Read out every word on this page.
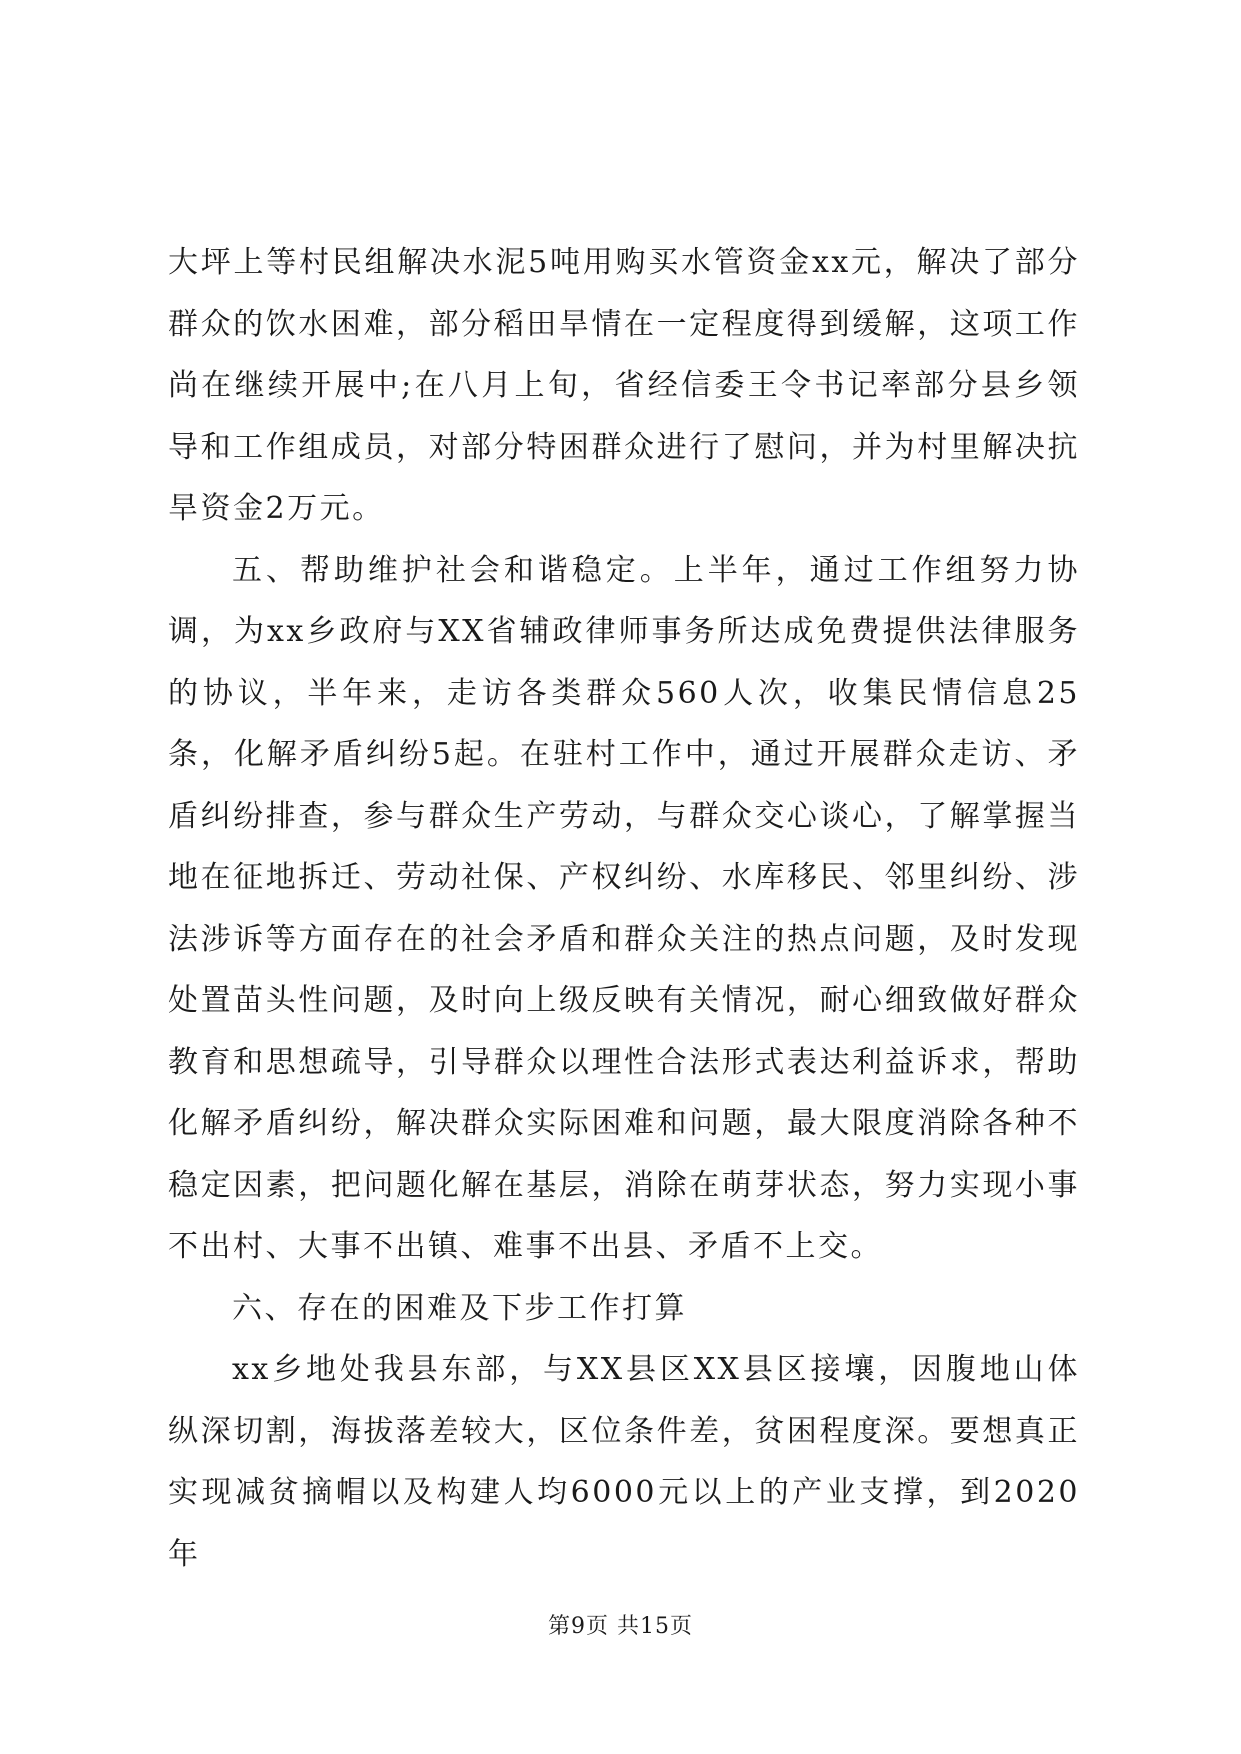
大坪上等村民组解决水泥5吨用购买水管资金xx元，解决了部分群众的饮水困难，部分稻田旱情在一定程度得到缓解，这项工作尚在继续开展中;在八月上旬，省经信委王令书记率部分县乡领导和工作组成员，对部分特困群众进行了慰问，并为村里解决抗旱资金2万元。

五、帮助维护社会和谐稳定。上半年，通过工作组努力协调，为xx乡政府与XX省辅政律师事务所达成免费提供法律服务的协议，半年来，走访各类群众560人次，收集民情信息25条，化解矛盾纠纷5起。在驻村工作中，通过开展群众走访、矛盾纠纷排查，参与群众生产劳动，与群众交心谈心，了解掌握当地在征地拆迁、劳动社保、产权纠纷、水库移民、邻里纠纷、涉法涉诉等方面存在的社会矛盾和群众关注的热点问题，及时发现处置苗头性问题，及时向上级反映有关情况，耐心细致做好群众教育和思想疏导，引导群众以理性合法形式表达利益诉求，帮助化解矛盾纠纷，解决群众实际困难和问题，最大限度消除各种不稳定因素，把问题化解在基层，消除在萌芽状态，努力实现小事不出村、大事不出镇、难事不出县、矛盾不上交。

六、存在的困难及下步工作打算

xx乡地处我县东部，与XX县区XX县区接壤，因腹地山体纵深切割，海拔落差较大，区位条件差，贫困程度深。要想真正实现减贫摘帽以及构建人均6000元以上的产业支撑，到2020年

第9页 共15页
